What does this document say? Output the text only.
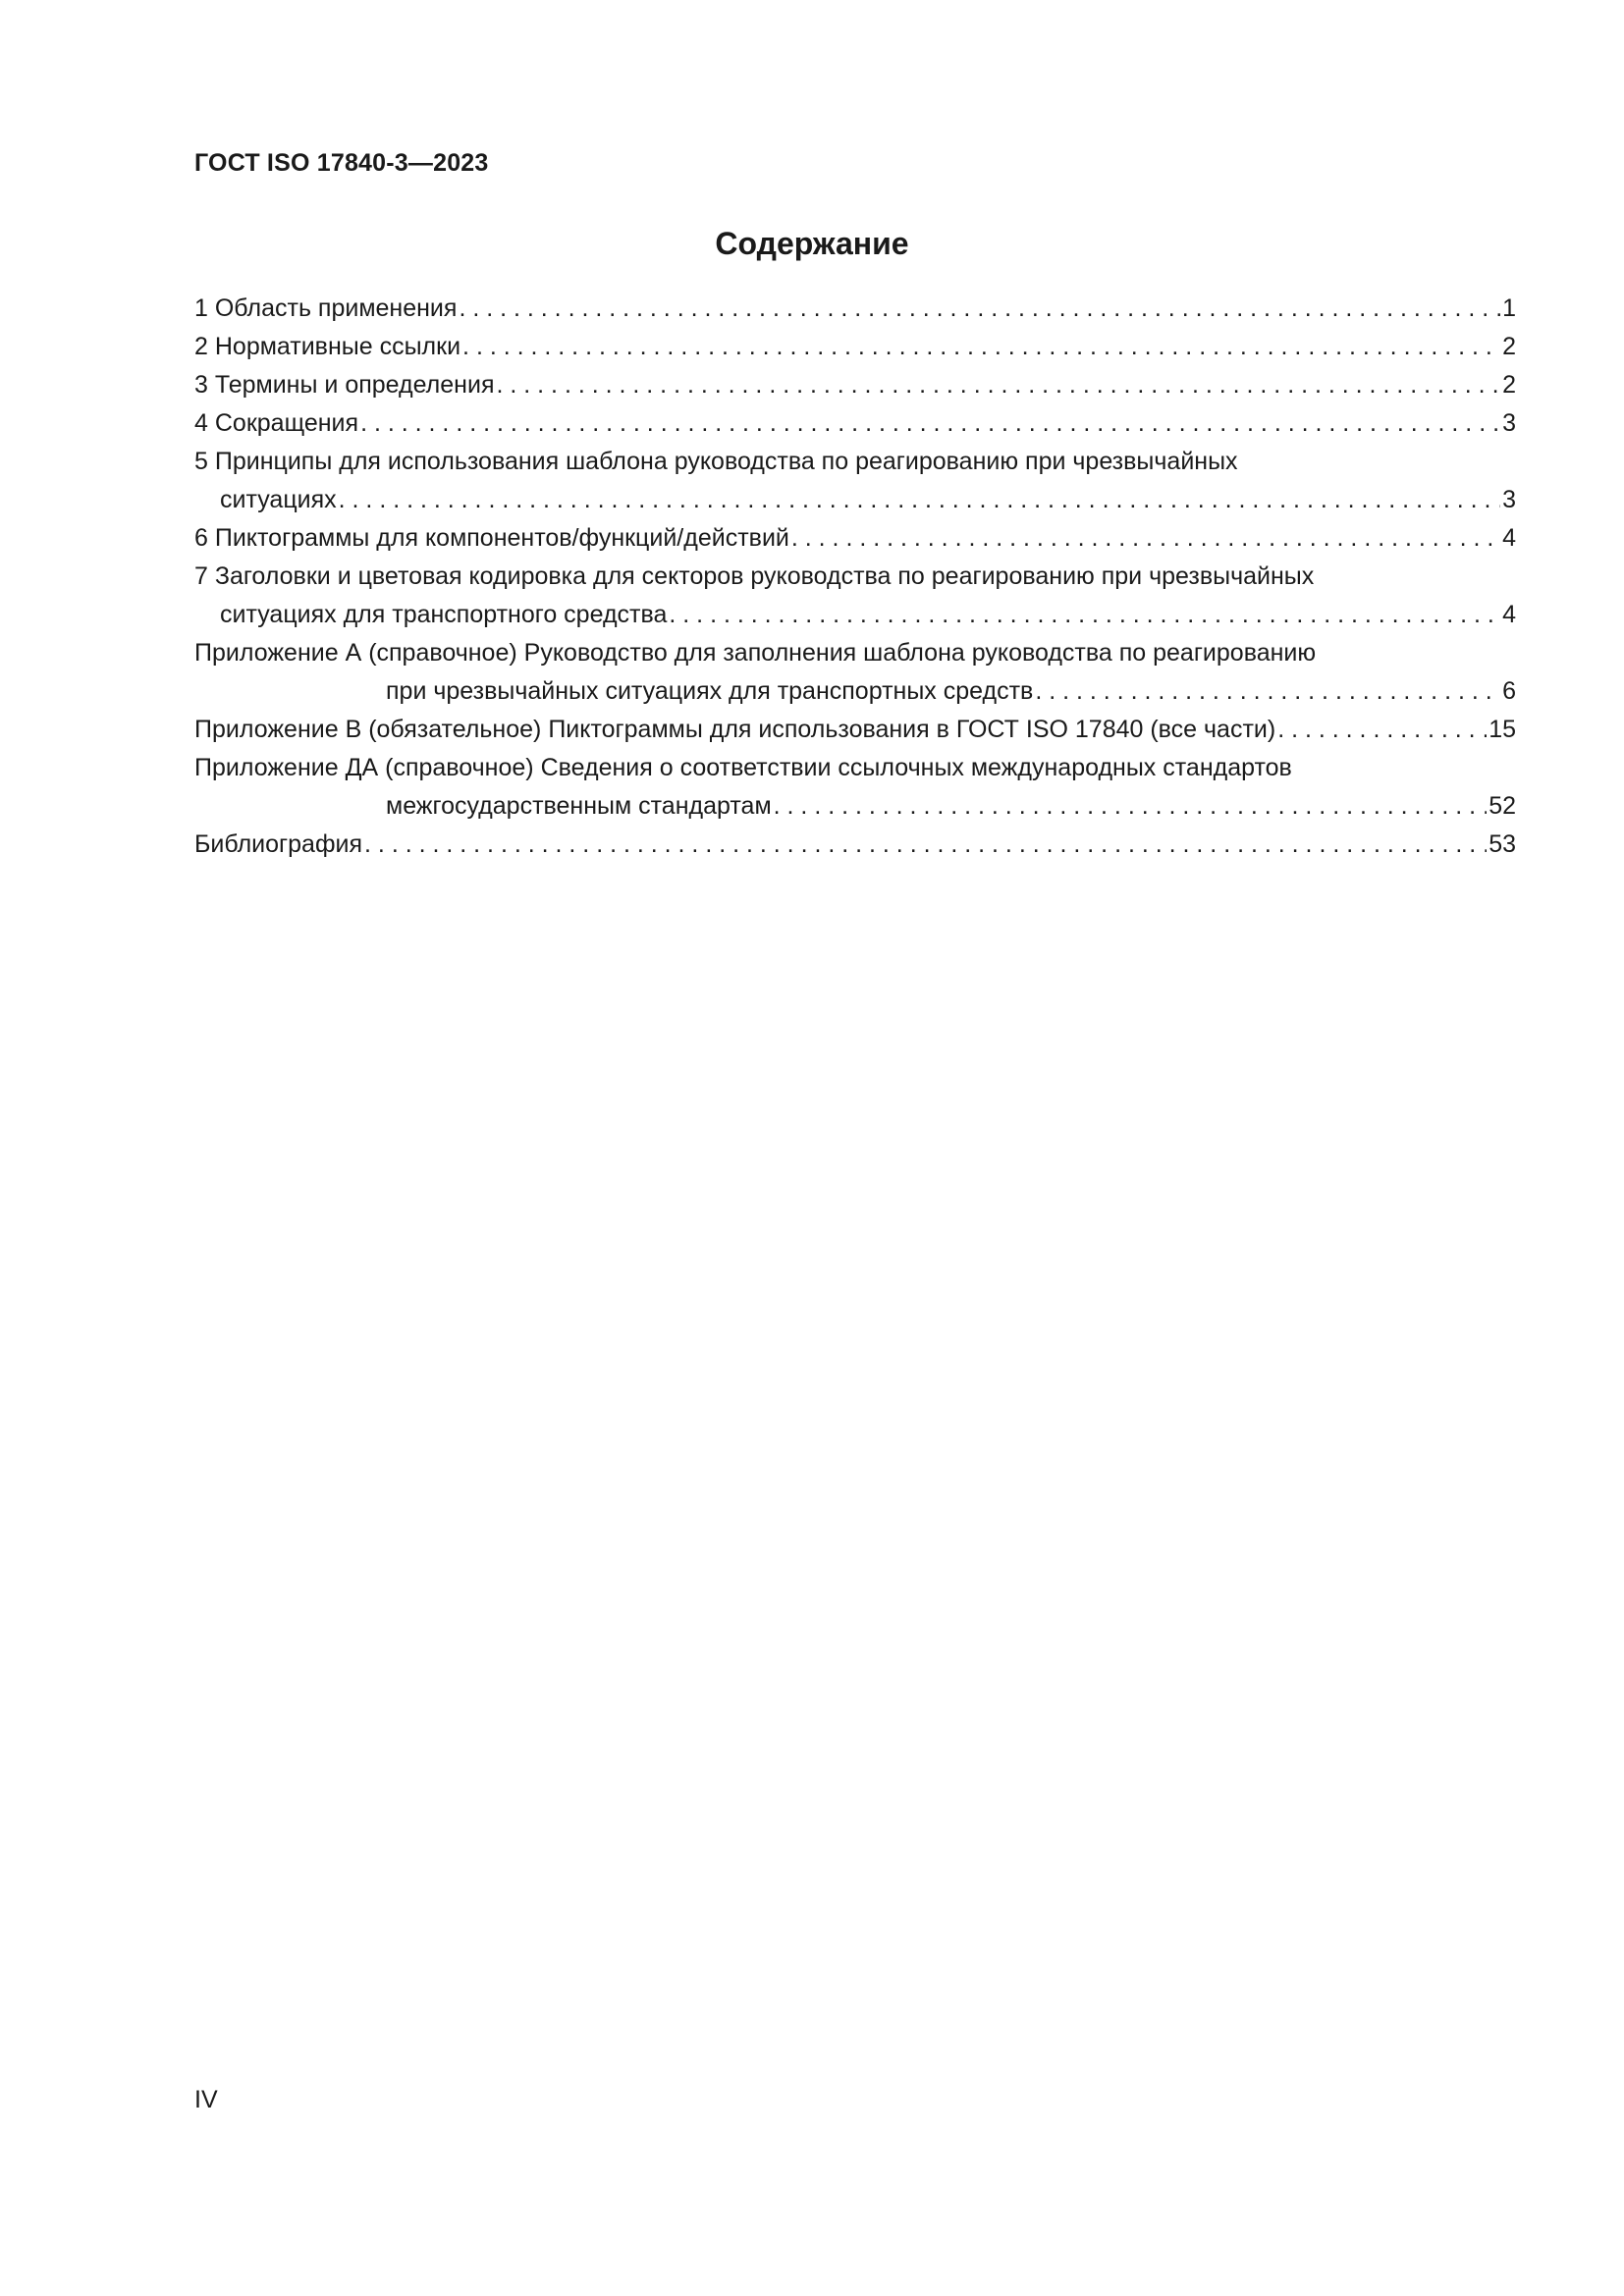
ГОСТ ISO 17840-3—2023
Содержание
1 Область применения . . .	1
2 Нормативные ссылки . . .	2
3 Термины и определения . . .	2
4 Сокращения . . .	3
5 Принципы для использования шаблона руководства по реагированию при чрезвычайных
ситуациях . . .	3
6 Пиктограммы для компонентов/функций/действий . . .	4
7 Заголовки и цветовая кодировка для секторов руководства по реагированию при чрезвычайных
ситуациях для транспортного средства . . .	4
Приложение А (справочное) Руководство для заполнения шаблона руководства по реагированию
при чрезвычайных ситуациях для транспортных средств . . .	6
Приложение В (обязательное) Пиктограммы для использования в ГОСТ ISO 17840 (все части) . . .	15
Приложение ДА (справочное) Сведения о соответствии ссылочных международных стандартов
межгосударственным стандартам . . .	52
Библиография . . .	53
IV
